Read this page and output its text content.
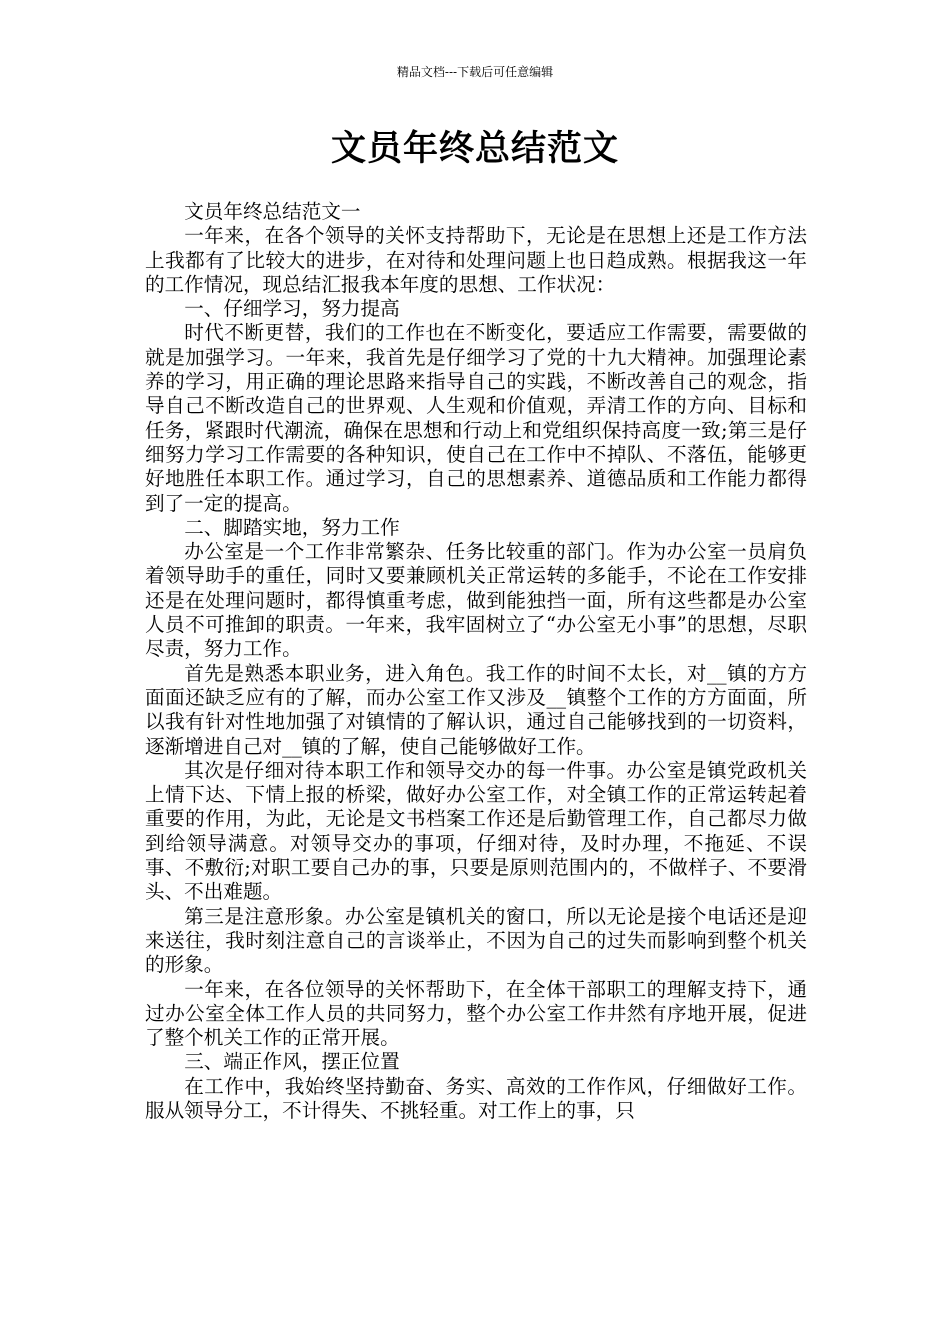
精品文档---下载后可任意编辑
文员年终总结范文

文员年终总结范文一

一年来，在各个领导的关怀支持帮助下，无论是在思想上还是工作方法上我都有了比较大的进步，在对待和处理问题上也日趋成熟。根据我这一年的工作情况，现总结汇报我本年度的思想、工作状况：

一、仔细学习，努力提高

时代不断更替，我们的工作也在不断变化，要适应工作需要，需要做的就是加强学习。一年来，我首先是仔细学习了党的十九大精神。加强理论素养的学习，用正确的理论思路来指导自己的实践，不断改善自己的观念，指导自己不断改造自己的世界观、人生观和价值观，弄清工作的方向、目标和任务，紧跟时代潮流，确保在思想和行动上和党组织保持高度一致;第三是仔细努力学习工作需要的各种知识，使自己在工作中不掉队、不落伍，能够更好地胜任本职工作。通过学习，自己的思想素养、道德品质和工作能力都得到了一定的提高。

二、脚踏实地，努力工作

办公室是一个工作非常繁杂、任务比较重的部门。作为办公室一员肩负着领导助手的重任，同时又要兼顾机关正常运转的多能手，不论在工作安排还是在处理问题时，都得慎重考虑，做到能独挡一面，所有这些都是办公室人员不可推卸的职责。一年来，我牢固树立了“办公室无小事”的思想，尽职尽责，努力工作。

首先是熟悉本职业务，进入角色。我工作的时间不太长，对__镇的方方面面还缺乏应有的了解，而办公室工作又涉及__镇整个工作的方方面面，所以我有针对性地加强了对镇情的了解认识，通过自己能够找到的一切资料，逐渐增进自己对__镇的了解，使自己能够做好工作。

其次是仔细对待本职工作和领导交办的每一件事。办公室是镇党政机关上情下达、下情上报的桥梁，做好办公室工作，对全镇工作的正常运转起着重要的作用，为此，无论是文书档案工作还是后勤管理工作，自己都尽力做到给领导满意。对领导交办的事项，仔细对待，及时办理，不拖延、不误事、不敷衍;对职工要自己办的事，只要是原则范围内的，不做样子、不要滑头、不出难题。

第三是注意形象。办公室是镇机关的窗口，所以无论是接个电话还是迎来送往，我时刻注意自己的言谈举止，不因为自己的过失而影响到整个机关的形象。

一年来，在各位领导的关怀帮助下，在全体干部职工的理解支持下，通过办公室全体工作人员的共同努力，整个办公室工作井然有序地开展，促进了整个机关工作的正常开展。

三、端正作风，摆正位置

在工作中，我始终坚持勤奋、务实、高效的工作作风，仔细做好工作。服从领导分工，不计得失、不挑轻重。对工作上的事，只
